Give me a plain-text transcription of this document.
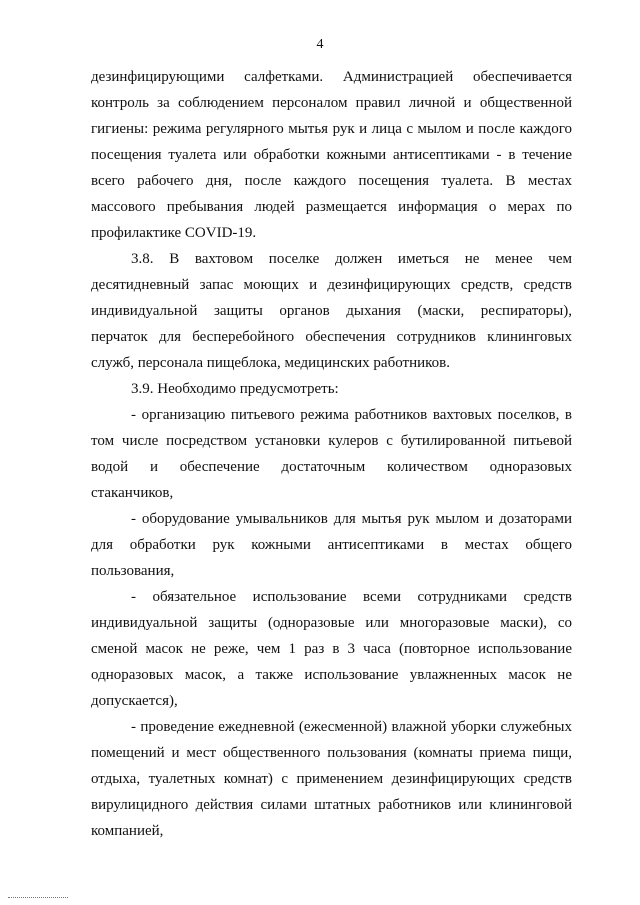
4
дезинфицирующими салфетками. Администрацией обеспечивается
контроль за соблюдением персоналом правил личной и общественной
гигиены: режима регулярного мытья рук и лица с мылом и после каждого
посещения туалета или обработки кожными антисептиками - в течение
всего рабочего дня, после каждого посещения туалета. В местах
массового пребывания людей размещается информация о мерах по
профилактике COVID-19.
3.8. В вахтовом поселке должен иметься не менее чем
десятидневный запас моющих и дезинфицирующих средств, средств
индивидуальной защиты органов дыхания (маски, респираторы),
перчаток для бесперебойного обеспечения сотрудников клининговых
служб, персонала пищеблока, медицинских работников.
3.9. Необходимо предусмотреть:
- организацию питьевого режима работников вахтовых поселков, в
том числе посредством установки кулеров с бутилированной питьевой
водой и обеспечение достаточным количеством одноразовых
стаканчиков,
- оборудование умывальников для мытья рук мылом и дозаторами
для обработки рук кожными антисептиками в местах общего
пользования,
- обязательное использование всеми сотрудниками средств
индивидуальной защиты (одноразовые или многоразовые маски), со
сменой масок не реже, чем 1 раз в 3 часа (повторное использование
одноразовых масок, а также использование увлажненных масок не
допускается),
- проведение ежедневной (ежесменной) влажной уборки служебных
помещений и мест общественного пользования (комнаты приема пищи,
отдыха, туалетных комнат) с применением дезинфицирующих средств
вирулицидного действия силами штатных работников или клининговой
компанией,
